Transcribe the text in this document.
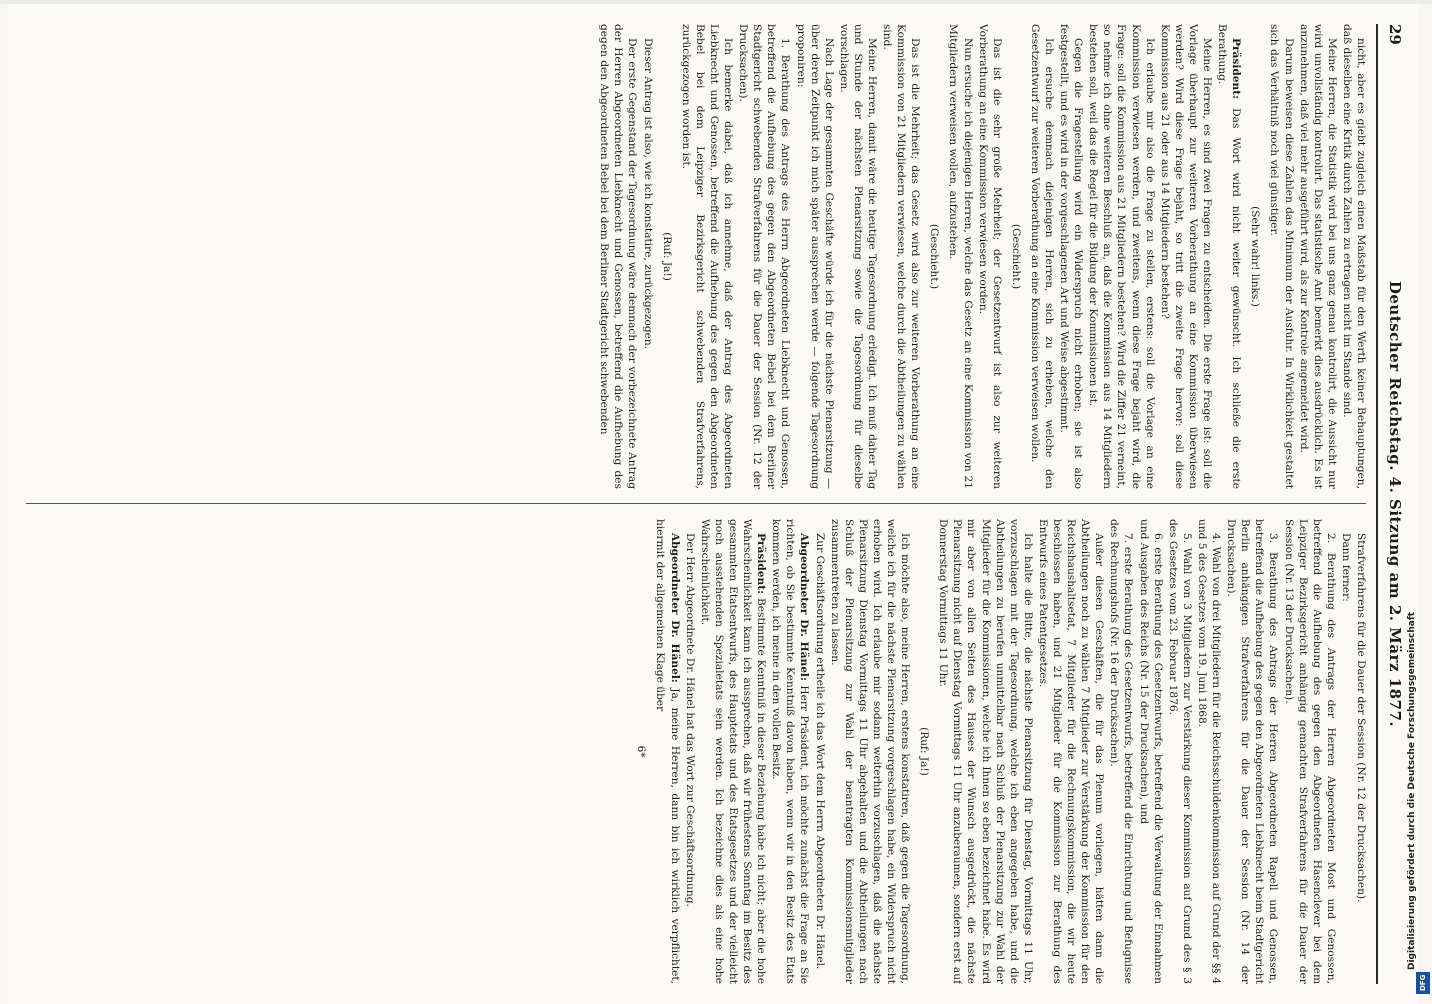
29
Deutscher Reichstag. 4. Sitzung am 2. März 1877.

nicht, aber es giebt zugleich einen Maßstab für den Werth keiner Behauptungen, daß dieselben eine Kritik durch Zahlen zu ertragen nicht im Stande sind.

Meine Herren, die Statistik wird bei uns ganz genau kontrolirt, die Aussicht nur wird unvollständig kontrolirt. Das statistische Amt bemerkt dies ausdrücklich. Es ist anzunehmen, daß viel mehr ausgeführt wird, als zur Kontrole angemeldet wird.

Darum beweisen diese Zahlen das Minimum der Ausfuhr. In Wirklichkeit gestaltet sich das Verhältniß noch viel günstiger.

(Sehr wahr! links.)

Präsident: Das Wort wird nicht weiter gewünscht. Ich schließe die erste Berathung.

Meine Herren, es sind zwei Fragen zu entscheiden. Die erste Frage ist: soll die Vorlage überhaupt zur weiteren Vorberathung an eine Kommission überwiesen werden? Wird diese Frage bejaht, so tritt die zweite Frage hervor: soll diese Kommission aus 21 oder aus 14 Mitgliedern bestehen?

Ich erlaube mir also die Frage zu stellen, erstens: soll die Vorlage an eine Kommission verwiesen werden, und zweitens, wenn diese Frage bejaht wird, die Frage: soll die Kommission aus 21 Mitgliedern bestehen? Wird die Ziffer 21 verneint, so nehme ich ohne weiteren Beschluß an, daß die Kommission aus 14 Mitgliedern bestehen soll, weil das die Regel für die Bildung der Kommissionen ist.

Gegen die Fragestellung wird ein Widerspruch nicht erhoben; sie ist also festgestellt, und es wird in der vorgeschlagenen Art und Weise abgestimmt.

Ich ersuche demnach diejenigen Herren, sich zu erheben, welche den Gesetzentwurf zur weiteren Vorberathung an eine Kommission verweisen wollen.

(Geschieht.)

Das ist die sehr große Mehrheit; der Gesetzentwurf ist also zur weiteren Vorberathung an eine Kommission verwiesen worden.

Nun ersuche ich diejenigen Herren, welche das Gesetz an eine Kommission von 21 Mitgliedern verweisen wollen, aufzustehen.

(Geschieht.)

Das ist die Mehrheit; das Gesetz wird also zur weiteren Vorberathung an eine Kommission von 21 Mitgliedern verwiesen, welche durch die Abtheilungen zu wählen sind.

Meine Herren, damit wäre die heutige Tagesordnung erledigt. Ich muß daher Tag und Stunde der nächsten Plenarsitzung sowie die Tagesordnung für dieselbe vorschlagen.

Nach Lage der gesammten Geschäfte würde ich für die nächste Plenarsitzung — über deren Zeitpunkt ich mich später aussprechen werde — folgende Tagesordnung proponiren:

1. Berathung des Antrags des Herrn Abgeordneten Liebknecht und Genossen, betreffend die Aufhebung des gegen den Abgeordneten Bebel bei dem Berliner Stadtgericht schwebenden Strafverfahrens für die Dauer der Session (Nr. 12 der Drucksachen).

Ich bemerke dabei, daß ich annehme, daß der Antrag des Abgeordneten Liebknecht und Genossen, betreffend die Aufhebung des gegen den Abgeordneten Bebel bei dem Leipziger Bezirksgericht schwebenden Strafverfahrens, zurückgezogen worden ist.

(Ruf: Ja!)

Dieser Antrag ist also, wie ich konstatire, zurückgezogen.

Der erste Gegenstand der Tagesordnung wäre demnach der vorbezeichnete Antrag der Herren Abgeordneten Liebknecht und Genossen, betreffend die Aufhebung des gegen den Abgeordneten Bebel bei dem Berliner Stadtgericht schwebenden

Strafverfahrens für die Dauer der Session (Nr. 12 der Drucksachen).

Dann ferner:

2. Berathung des Antrags der Herren Abgeordneten Most und Genossen, betreffend die Aufhebung des gegen den Abgeordneten Hasenclever bei dem Leipziger Bezirksgericht anhängig gemachten Strafverfahrens für die Dauer der Session (Nr. 13 der Drucksachen).

3. Berathung des Antrags der Herren Abgeordneten Rapell und Genossen, betreffend die Aufhebung des gegen den Abgeordneten Liebknecht beim Stadtgericht Berlin anhängigen Strafverfahrens für die Dauer der Session (Nr. 14 der Drucksachen).

4. Wahl von drei Mitgliedern für die Reichsschuldenkommission auf Grund der §§ 4 und 5 des Gesetzes vom 19. Juni 1868.

5. Wahl von 3 Mitgliedern zur Verstärkung dieser Kommission auf Grund des § 3 des Gesetzes vom 23. Februar 1876.

6. erste Berathung des Gesetzentwurfs, betreffend die Verwaltung der Einnahmen und Ausgaben des Reichs (Nr. 15 der Drucksachen), und

7. erste Berathung des Gesetzentwurfs, betreffend die Einrichtung und Befugnisse des Rechnungshofs (Nr. 16 der Drucksachen).

Außer diesen Geschäften, die für das Plenum vorliegen, hätten dann die Abtheilungen noch zu wählen 7 Mitglieder zur Verstärkung der Kommission für den Reichshaushaltsetat, 7 Mitglieder für die Rechnungskommission, die wir heute beschlossen haben, und 21 Mitglieder für die Kommission zur Berathung des Entwurfs eines Patentgesetzes.

Ich halte die Bitte, die nächste Plenarsitzung für Dienstag, Vormittags 11 Uhr, vorzuschlagen mit der Tagesordnung, welche ich eben angegeben habe, und die Abtheilungen zu berufen unmittelbar nach Schluß der Plenarsitzung zur Wahl der Mitglieder für die Kommissionen, welche ich Ihnen so eben bezeichnet habe. Es wird mir aber von allen Seiten des Hauses der Wunsch ausgedrückt, die nächste Plenarsitzung nicht auf Dienstag Vormittags 11 Uhr anzuberaumen, sondern erst auf Donnerstag Vormittags 11 Uhr.

(Ruf: Ja!)

Ich möchte also, meine Herren, erstens konstatiren, daß gegen die Tagesordnung, welche ich für die nächste Plenarsitzung vorgeschlagen habe, ein Widerspruch nicht erhoben wird. Ich erlaube mir sodann weiterhin vorzuschlagen, daß die nächste Plenarsitzung Dienstag Vormittags 11 Uhr abgehalten und die Abtheilungen nach Schluß der Plenarsitzung zur Wahl der beantragten Kommissionsmitglieder zusammentreten zu lassen.

Zur Geschäftsordnung ertheile ich das Wort dem Herrn Abgeordneten Dr. Hänel.

Abgeordneter Dr. Hänel: Herr Präsident, ich möchte zunächst die Frage an Sie richten, ob Sie bestimmte Kenntniß davon haben, wenn wir in den Besitz des Etats kommen werden, ich meine in den vollen Besitz.

Präsident: Bestimmte Kenntniß in dieser Beziehung habe ich nicht; aber die hohe Wahrscheinlichkeit kann ich aussprechen, daß wir frühestens Sonntag im Besitz des gesammten Etatsentwurfs, des Hauptetats und des Etatsgesetzes und der vielleicht noch ausstehenden Spezialetats sein werden. Ich bezeichne dies als eine hohe Wahrscheinlichkeit.

Der Herr Abgeordnete Dr. Hänel hat das Wort zur Geschäftsordnung.

Abgeordneter Dr. Hänel: Ja, meine Herren, dann bin ich wirklich verpflichtet, hiermit der allgemeinen Klage über

6*	Digitalisierung gefördert durch die Deutsche Forschungsgemeinschaft
DFG
